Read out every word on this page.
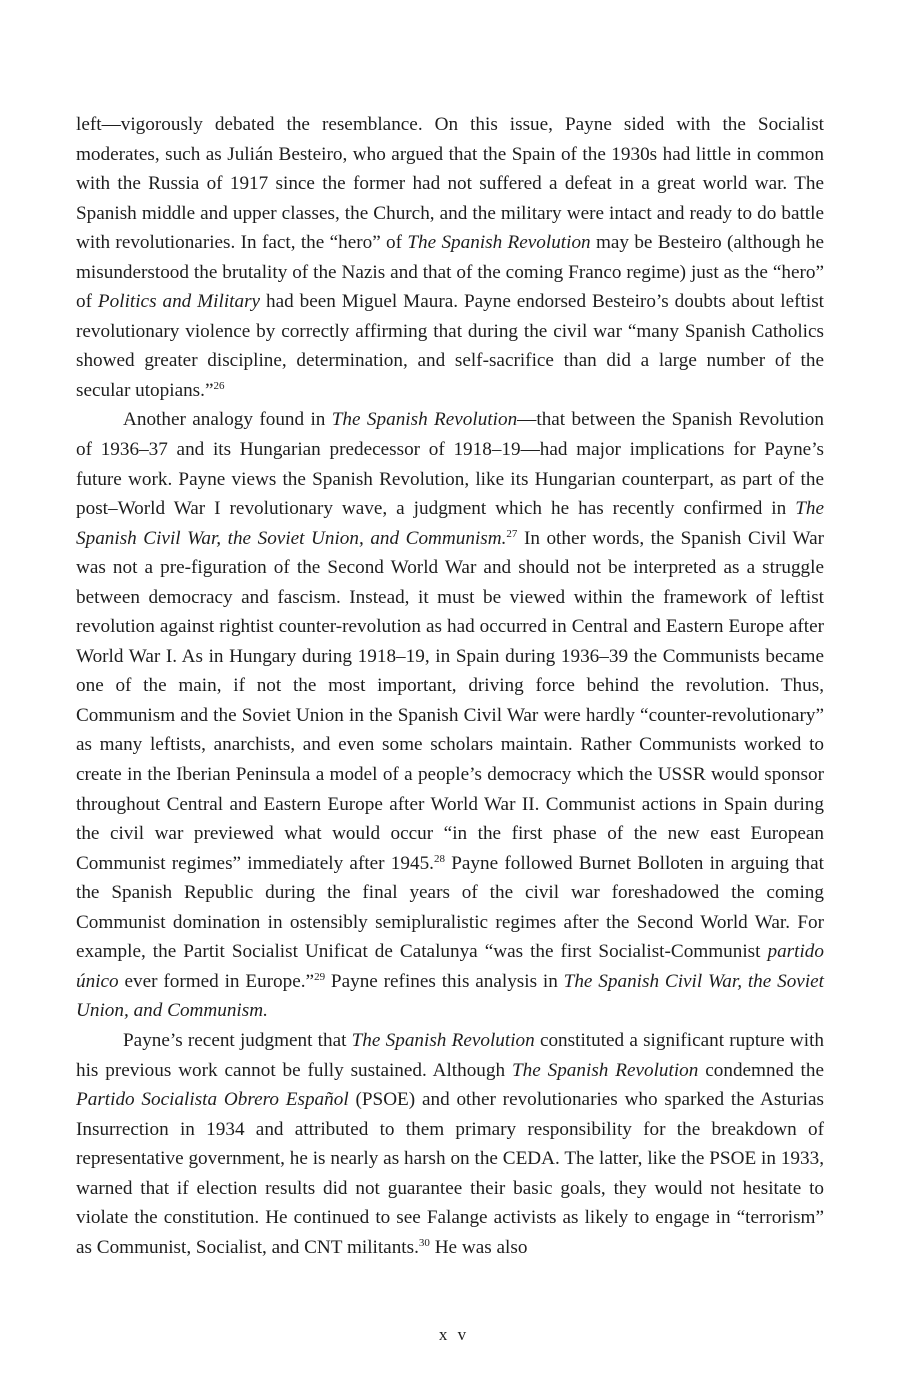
left—vigorously debated the resemblance. On this issue, Payne sided with the Socialist moderates, such as Julián Besteiro, who argued that the Spain of the 1930s had little in common with the Russia of 1917 since the former had not suffered a defeat in a great world war. The Spanish middle and upper classes, the Church, and the military were intact and ready to do battle with revolutionaries. In fact, the “hero” of The Spanish Revolution may be Besteiro (although he misunderstood the brutality of the Nazis and that of the coming Franco regime) just as the “hero” of Politics and Military had been Miguel Maura. Payne endorsed Besteiro’s doubts about leftist revolutionary violence by correctly affirming that during the civil war “many Spanish Catholics showed greater discipline, determination, and self-sacrifice than did a large number of the secular utopians.”$^{26}$

Another analogy found in The Spanish Revolution—that between the Spanish Revolution of 1936–37 and its Hungarian predecessor of 1918–19—had major implications for Payne’s future work. Payne views the Spanish Revolution, like its Hungarian counterpart, as part of the post–World War I revolutionary wave, a judgment which he has recently confirmed in The Spanish Civil War, the Soviet Union, and Communism.$^{27}$ In other words, the Spanish Civil War was not a pre-figuration of the Second World War and should not be interpreted as a struggle between democracy and fascism. Instead, it must be viewed within the framework of leftist revolution against rightist counter-revolution as had occurred in Central and Eastern Europe after World War I. As in Hungary during 1918–19, in Spain during 1936–39 the Communists became one of the main, if not the most important, driving force behind the revolution. Thus, Communism and the Soviet Union in the Spanish Civil War were hardly “counter-revolutionary” as many leftists, anarchists, and even some scholars maintain. Rather Communists worked to create in the Iberian Peninsula a model of a people’s democracy which the USSR would sponsor throughout Central and Eastern Europe after World War II. Communist actions in Spain during the civil war previewed what would occur “in the first phase of the new east European Communist regimes” immediately after 1945.28 Payne followed Burnet Bolloten in arguing that the Spanish Republic during the final years of the civil war foreshadowed the coming Communist domination in ostensibly semipluralistic regimes after the Second World War. For example, the Partit Socialist Unificat de Catalunya “was the first Socialist-Communist partido único ever formed in Europe.”$^{29}$ Payne refines this analysis in The Spanish Civil War, the Soviet Union, and Communism.

Payne’s recent judgment that The Spanish Revolution constituted a significant rupture with his previous work cannot be fully sustained. Although The Spanish Revolution condemned the Partido Socialista Obrero Español (PSOE) and other revolutionaries who sparked the Asturias Insurrection in 1934 and attributed to them primary responsibility for the breakdown of representative government, he is nearly as harsh on the CEDA. The latter, like the PSOE in 1933, warned that if election results did not guarantee their basic goals, they would not hesitate to violate the constitution. He continued to see Falange activists as likely to engage in “terrorism” as Communist, Socialist, and CNT militants.$^{30}$ He was also

x v
